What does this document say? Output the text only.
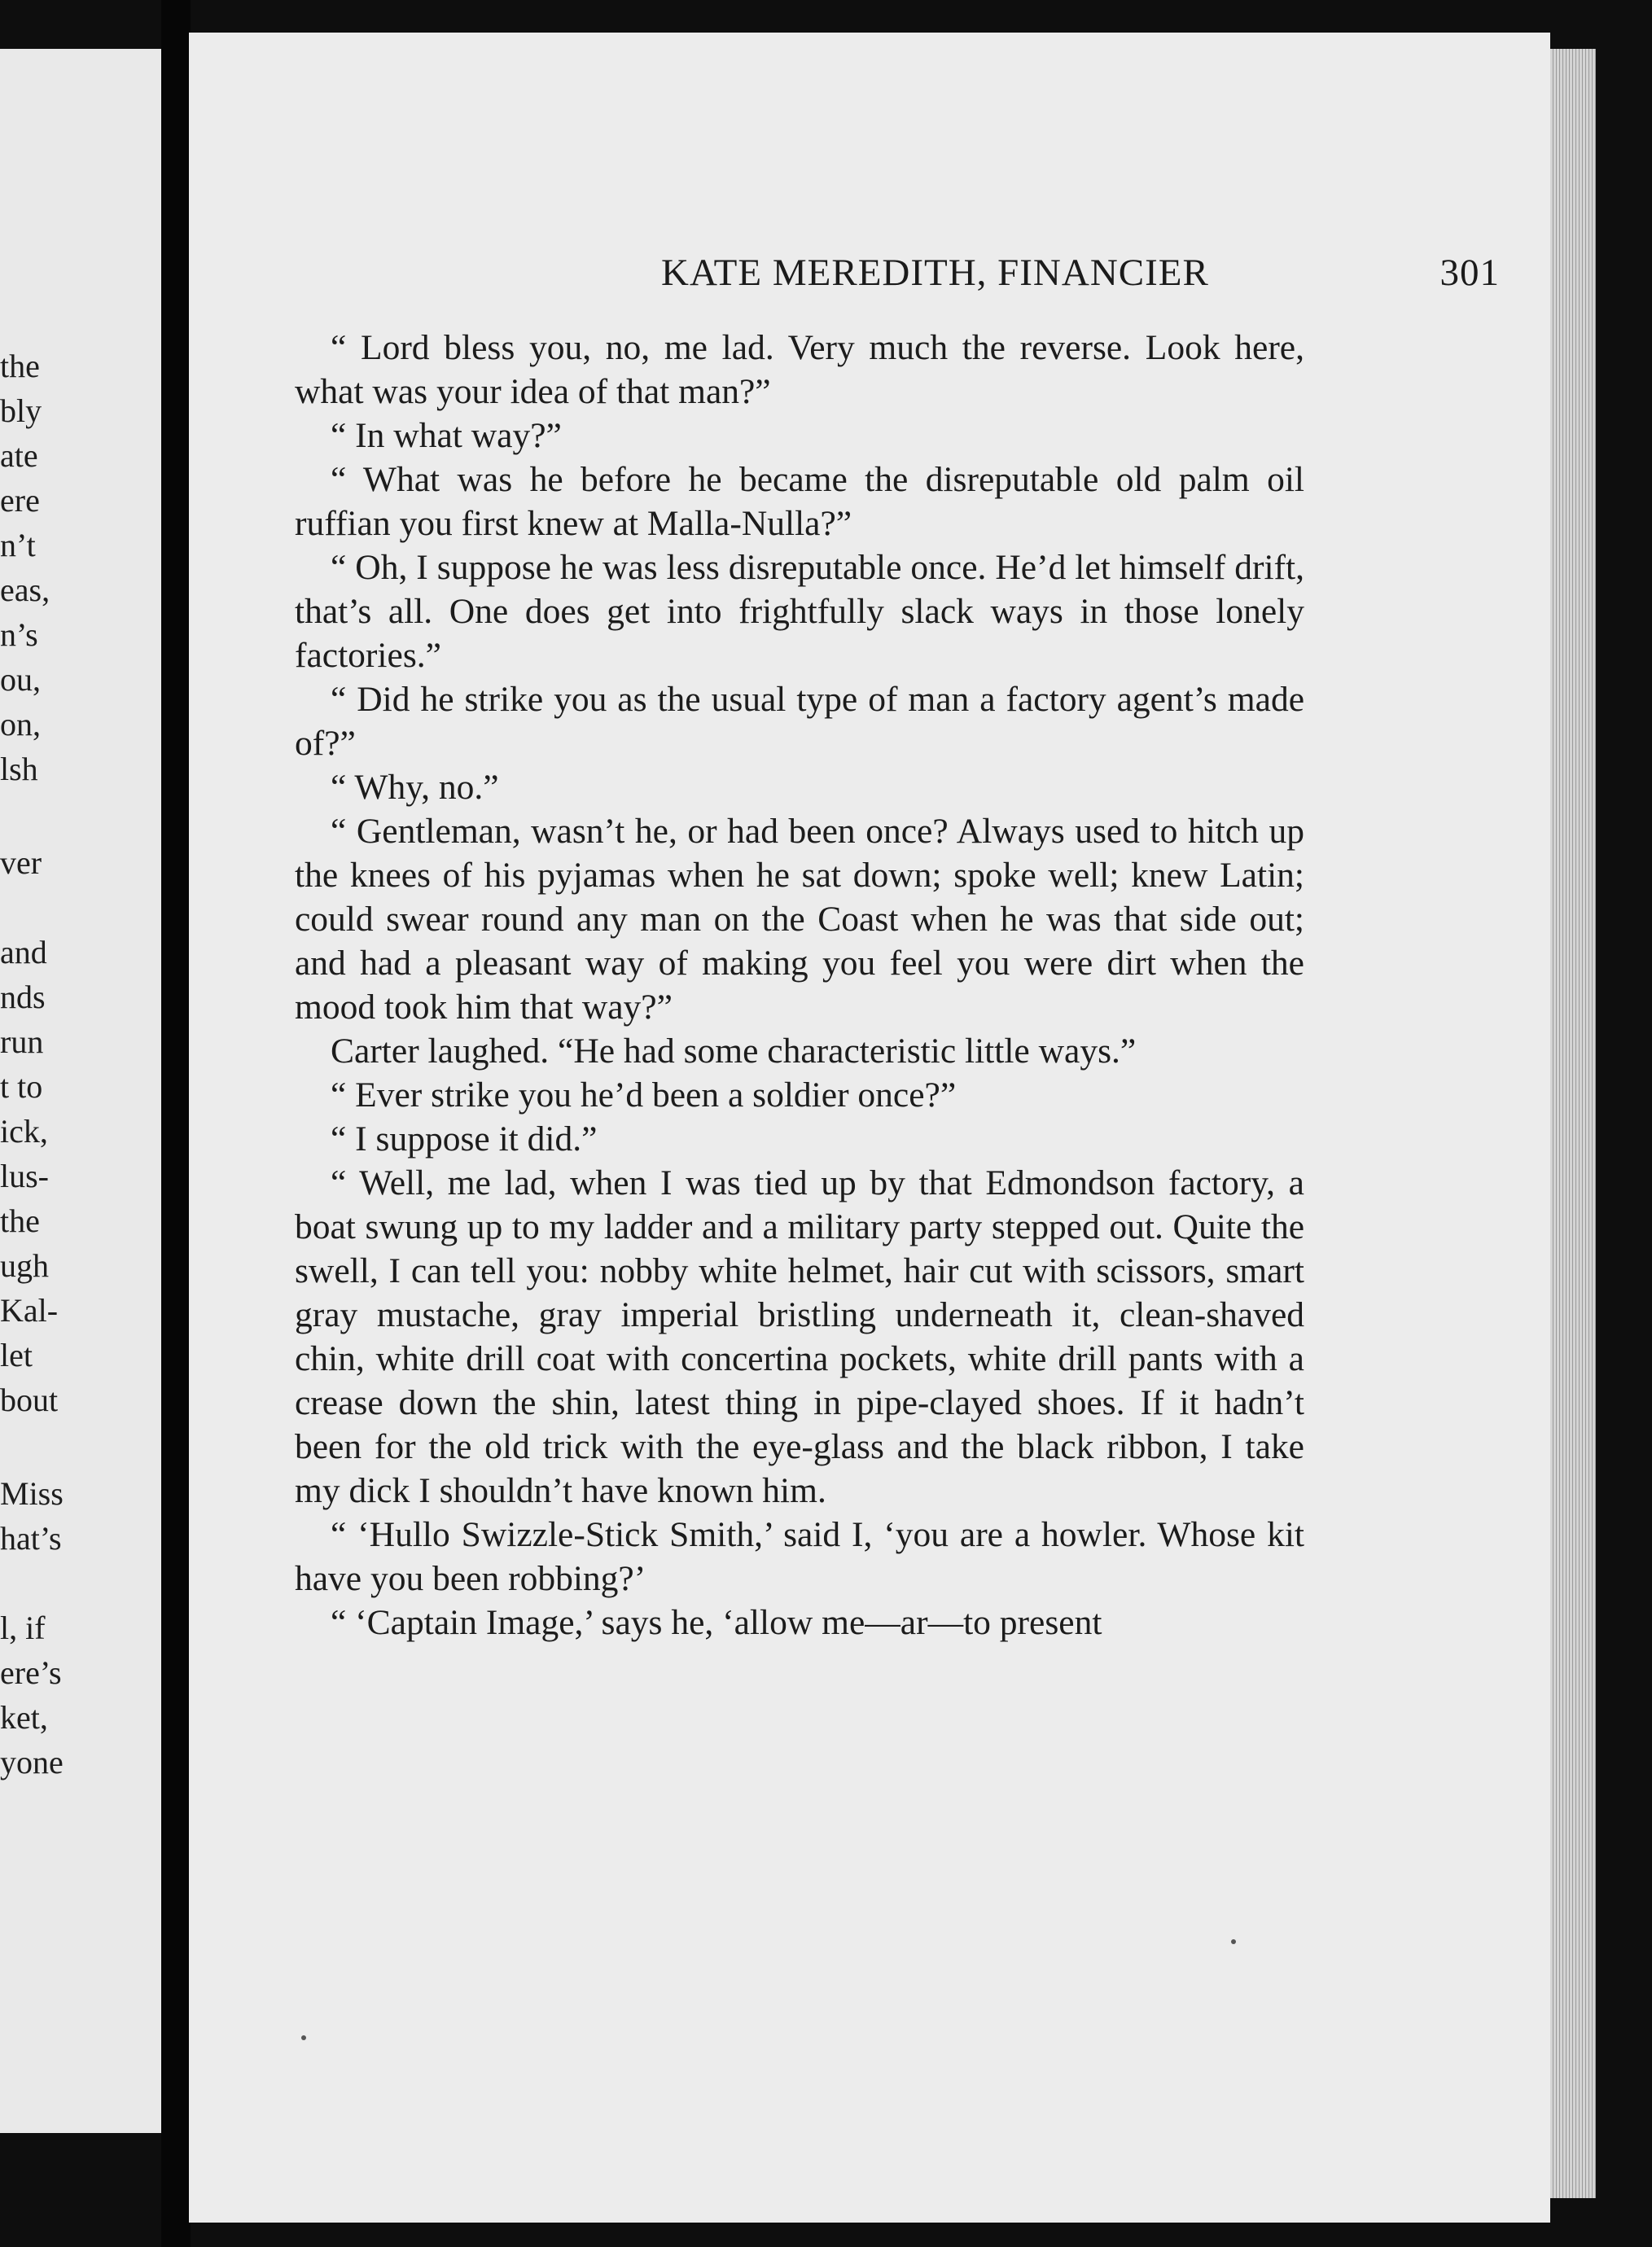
the
bly
ate
ere
n’t
eas,
n’s
ou,
on,
lsh
ver
and
nds
run
t to
ick,
lus-
the
ugh
Kal-
let
bout
Miss
hat’s
l, if
ere’s
ket,
yone
KATE MEREDITH, FINANCIER	301

“ Lord bless you, no, me lad. Very much the reverse. Look here, what was your idea of that man?”

“ In what way?”

“ What was he before he became the disreputable old palm oil ruffian you first knew at Malla-Nulla?”

“ Oh, I suppose he was less disreputable once. He’d let himself drift, that’s all. One does get into frightfully slack ways in those lonely factories.”

“ Did he strike you as the usual type of man a factory agent’s made of?”

“ Why, no.”

“ Gentleman, wasn’t he, or had been once? Always used to hitch up the knees of his pyjamas when he sat down; spoke well; knew Latin; could swear round any man on the Coast when he was that side out; and had a pleasant way of making you feel you were dirt when the mood took him that way?”

Carter laughed. “He had some characteristic little ways.”

“ Ever strike you he’d been a soldier once?”

“ I suppose it did.”

“ Well, me lad, when I was tied up by that Edmondson factory, a boat swung up to my ladder and a military party stepped out. Quite the swell, I can tell you: nobby white helmet, hair cut with scissors, smart gray mustache, gray imperial bristling underneath it, clean-shaved chin, white drill coat with concertina pockets, white drill pants with a crease down the shin, latest thing in pipe-clayed shoes. If it hadn’t been for the old trick with the eye-glass and the black ribbon, I take my dick I shouldn’t have known him.

“ ‘Hullo Swizzle-Stick Smith,’ said I, ‘you are a howler. Whose kit have you been robbing?’

“ ‘Captain Image,’ says he, ‘allow me—ar—to present
